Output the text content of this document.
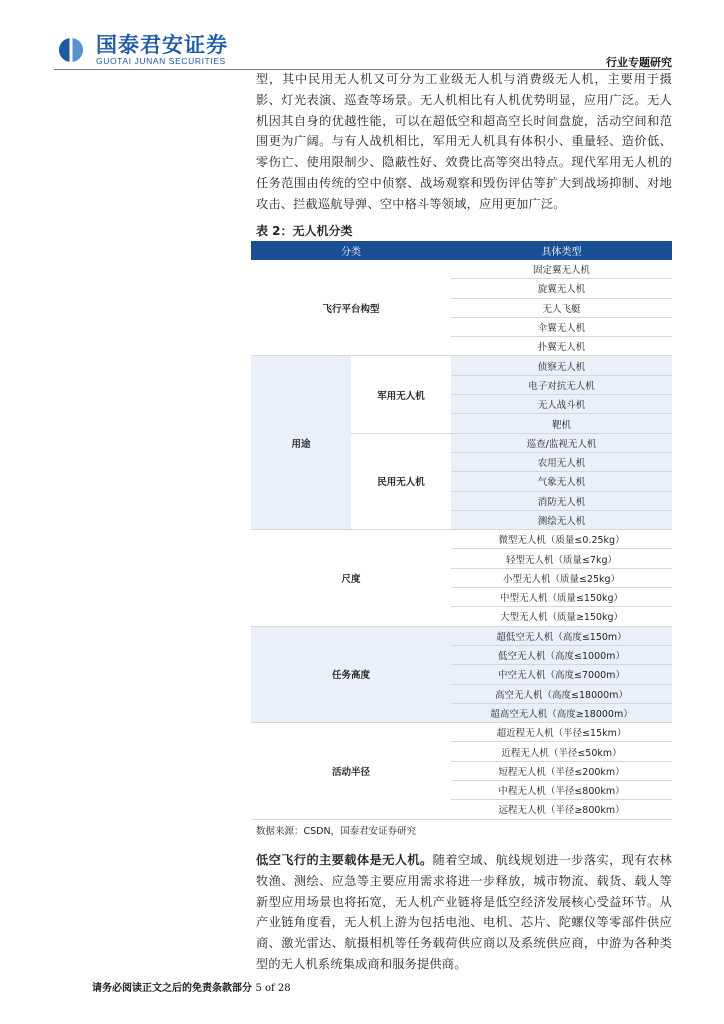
国泰君安证券
GUOTAI JUNAN SECURITIES	行业专题研究
型，其中民用无人机又可分为工业级无人机与消费级无人机，主要用于摄影、灯光表演、巡查等场景。无人机相比有人机优势明显，应用广泛。无人机因其自身的优越性能，可以在超低空和超高空长时间盘旋，活动空间和范围更为广阔。与有人战机相比，军用无人机具有体积小、重量轻、造价低、零伤亡、使用限制少、隐蔽性好、效费比高等突出特点。现代军用无人机的任务范围由传统的空中侦察、战场观察和毁伤评估等扩大到战场抑制、对地攻击、拦截巡航导弹、空中格斗等领域，应用更加广泛。
表 2：无人机分类
分类		具体类型
飞行平台构型		固定翼无人机
		旋翼无人机
		无人飞艇
		伞翼无人机
		扑翼无人机
用途	军用无人机	侦察无人机
		电子对抗无人机
		无人战斗机
		靶机
	民用无人机	巡查/监视无人机
		农用无人机
		气象无人机
		消防无人机
		测绘无人机
尺度		微型无人机（质量≤0.25kg）
		轻型无人机（质量≤7kg）
		小型无人机（质量≤25kg）
		中型无人机（质量≤150kg）
		大型无人机（质量≥150kg）
任务高度		超低空无人机（高度≤150m）
		低空无人机（高度≤1000m）
		中空无人机（高度≤7000m）
		高空无人机（高度≤18000m）
		超高空无人机（高度≥18000m）
活动半径		超近程无人机（半径≤15km）
		近程无人机（半径≤50km）
		短程无人机（半径≤200km）
		中程无人机（半径≤800km）
		远程无人机（半径≥800km）
数据来源：CSDN，国泰君安证券研究
低空飞行的主要载体是无人机。随着空域、航线规划进一步落实，现有农林牧渔、测绘、应急等主要应用需求将进一步释放，城市物流、载货、载人等新型应用场景也将拓宽，无人机产业链将是低空经济发展核心受益环节。从产业链角度看，无人机上游为包括电池、电机、芯片、陀螺仪等零部件供应商、激光雷达、航摄相机等任务载荷供应商以及系统供应商，中游为各种类型的无人机系统集成商和服务提供商。
请务必阅读正文之后的免责条款部分 5 of 28
